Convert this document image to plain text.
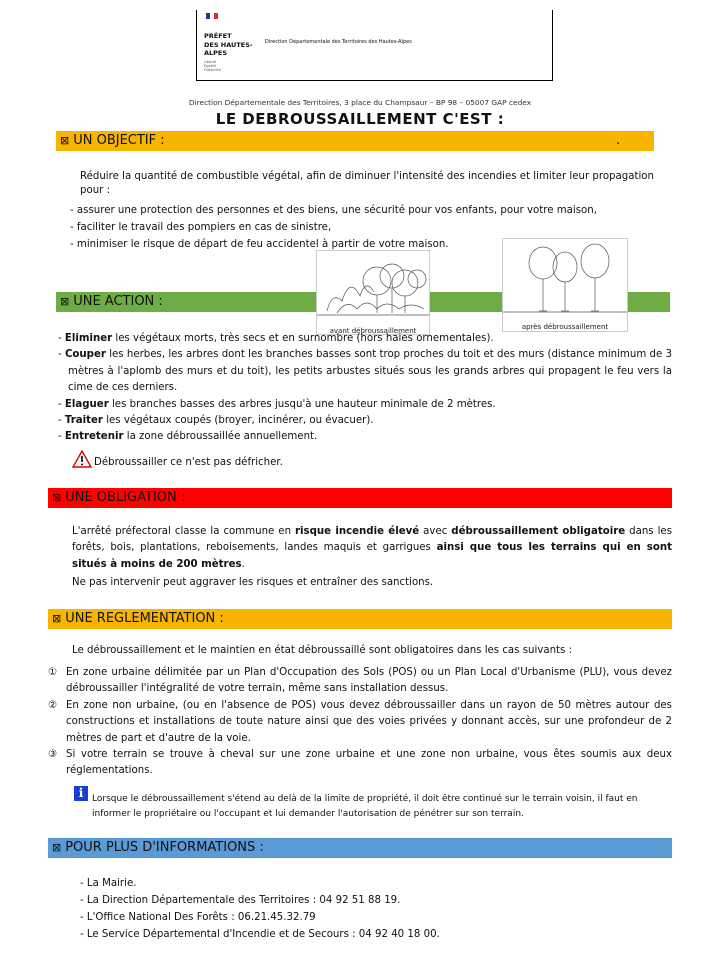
PRÉFET
DES HAUTES-
ALPES
Liberté
Égalité
Fraternité
Direction Départementale des Territoires des Hautes-Alpes
Direction Départementale des Territoires, 3 place du Champsaur – BP 98 – 05007 GAP cedex
LE DEBROUSSAILLEMENT C'EST :
⊠ UN OBJECTIF :	.
Réduire la quantité de combustible végétal, afin de diminuer l'intensité des incendies et limiter leur propagation pour :
- assurer une protection des personnes et des biens, une sécurité pour vos enfants, pour votre maison,
- faciliter le travail des pompiers en cas de sinistre,
- minimiser le risque de départ de feu accidentel à partir de votre maison.
⊠ UNE ACTION :
avant débroussaillement	après débroussaillement
- Eliminer les végétaux morts, très secs et en surnombre (hors haies ornementales).
- Couper les herbes, les arbres dont les branches basses sont trop proches du toit et des murs (distance minimum de 3 mètres à l'aplomb des murs et du toit), les petits arbustes situés sous les grands arbres qui propagent le feu vers la cime de ces derniers.
- Elaguer les branches basses des arbres jusqu'à une hauteur minimale de 2 mètres.
- Traiter les végétaux coupés (broyer, incinérer, ou évacuer).
- Entretenir la zone débroussaillée annuellement.
Débroussailler ce n'est pas défricher.
⊠ UNE OBLIGATION :
L'arrêté préfectoral classe la commune en risque incendie élevé avec débroussaillement obligatoire dans les forêts, bois, plantations, reboisements, landes maquis et garrigues ainsi que tous les terrains qui en sont situés à moins de 200 mètres.
Ne pas intervenir peut aggraver les risques et entraîner des sanctions.
⊠ UNE REGLEMENTATION :
Le débroussaillement et le maintien en état débroussaillé sont obligatoires dans les cas suivants :
① En zone urbaine délimitée par un Plan d'Occupation des Sols (POS) ou un Plan Local d'Urbanisme (PLU), vous devez débroussailler l'intégralité de votre terrain, même sans installation dessus.
② En zone non urbaine, (ou en l'absence de POS) vous devez débroussailler dans un rayon de 50 mètres autour des constructions et installations de toute nature ainsi que des voies privées y donnant accès, sur une profondeur de 2 mètres de part et d'autre de la voie.
③ Si votre terrain se trouve à cheval sur une zone urbaine et une zone non urbaine, vous êtes soumis aux deux réglementations.
i Lorsque le débroussaillement s'étend au delà de la limite de propriété, il doit être continué sur le terrain voisin, il faut en informer le propriétaire ou l'occupant et lui demander l'autorisation de pénétrer sur son terrain.
⊠ POUR PLUS D'INFORMATIONS :
- La Mairie.
- La Direction Départementale des Territoires : 04 92 51 88 19.
- L'Office National Des Forêts : 06.21.45.32.79
- Le Service Départemental d'Incendie et de Secours : 04 92 40 18 00.
